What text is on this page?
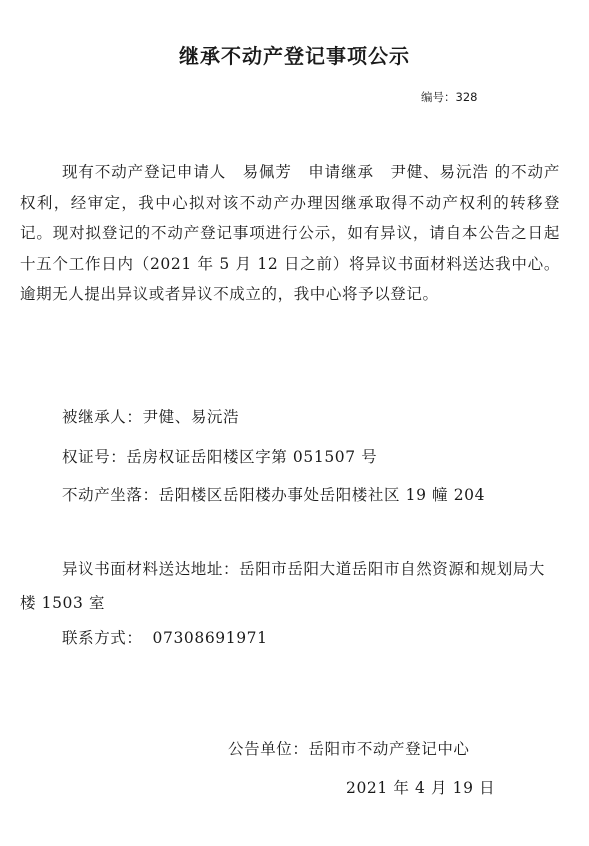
继承不动产登记事项公示
编号：328

现有不动产登记申请人　易佩芳　申请继承　尹健、易沅浩 的不动产权利，经审定，我中心拟对该不动产办理因继承取得不动产权利的转移登记。现对拟登记的不动产登记事项进行公示，如有异议，请自本公告之日起十五个工作日内（2021 年 5 月 12 日之前）将异议书面材料送达我中心。逾期无人提出异议或者异议不成立的，我中心将予以登记。

被继承人：尹健、易沅浩
权证号：岳房权证岳阳楼区字第 051507 号
不动产坐落：岳阳楼区岳阳楼办事处岳阳楼社区 19 幢 204

异议书面材料送达地址：岳阳市岳阳大道岳阳市自然资源和规划局大楼 1503 室

联系方式： 07308691971
公告单位：岳阳市不动产登记中心
2021 年 4 月 19 日
